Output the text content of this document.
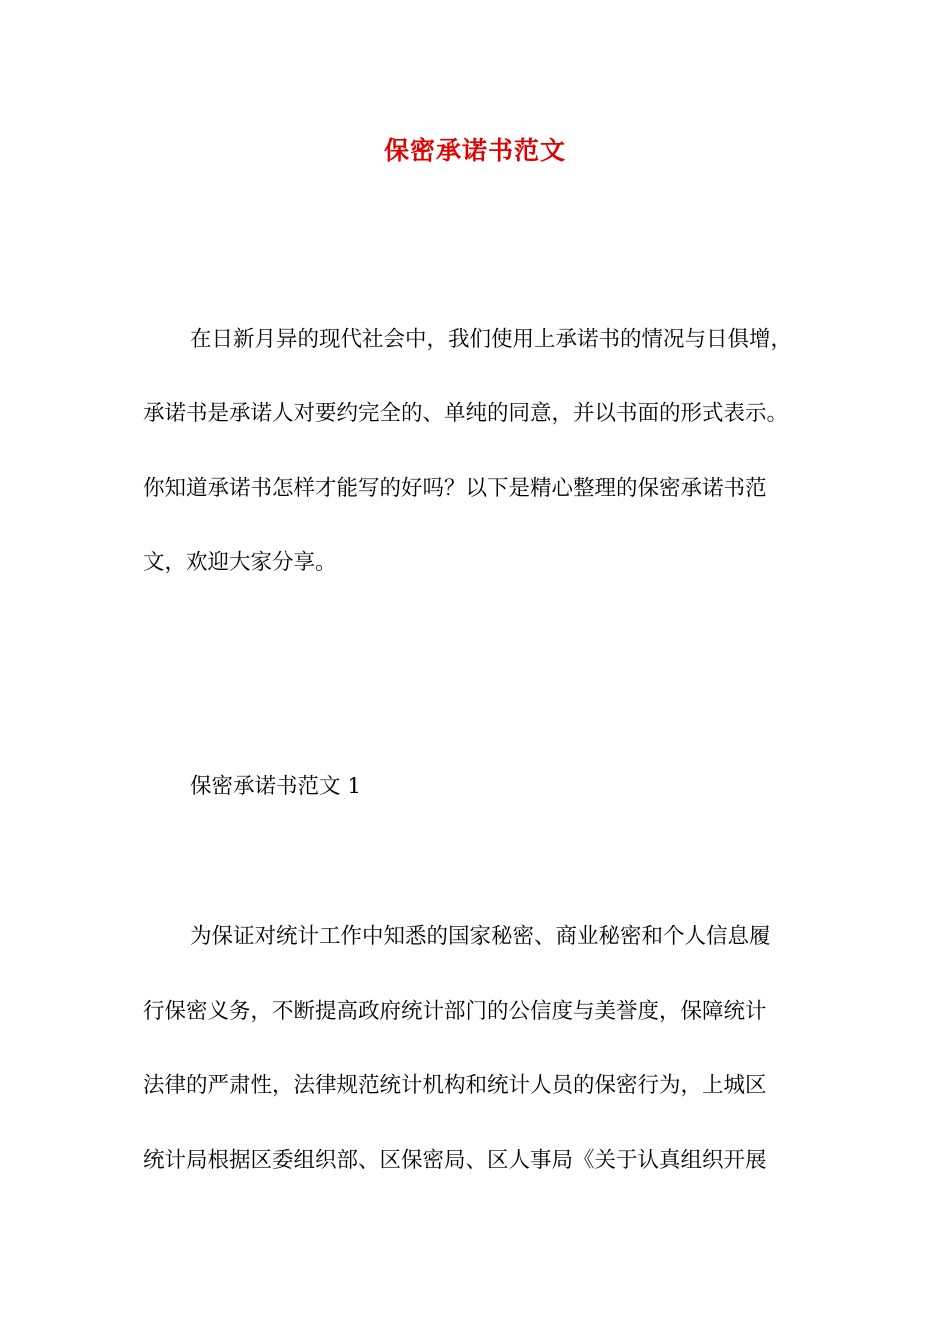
保密承诺书范文
在日新月异的现代社会中，我们使用上承诺书的情况与日俱增，
承诺书是承诺人对要约完全的、单纯的同意，并以书面的形式表示。
你知道承诺书怎样才能写的好吗？以下是精心整理的保密承诺书范
文，欢迎大家分享。
保密承诺书范文 1
为保证对统计工作中知悉的国家秘密、商业秘密和个人信息履
行保密义务，不断提高政府统计部门的公信度与美誉度，保障统计
法律的严肃性，法律规范统计机构和统计人员的保密行为，上城区
统计局根据区委组织部、区保密局、区人事局《关于认真组织开展
